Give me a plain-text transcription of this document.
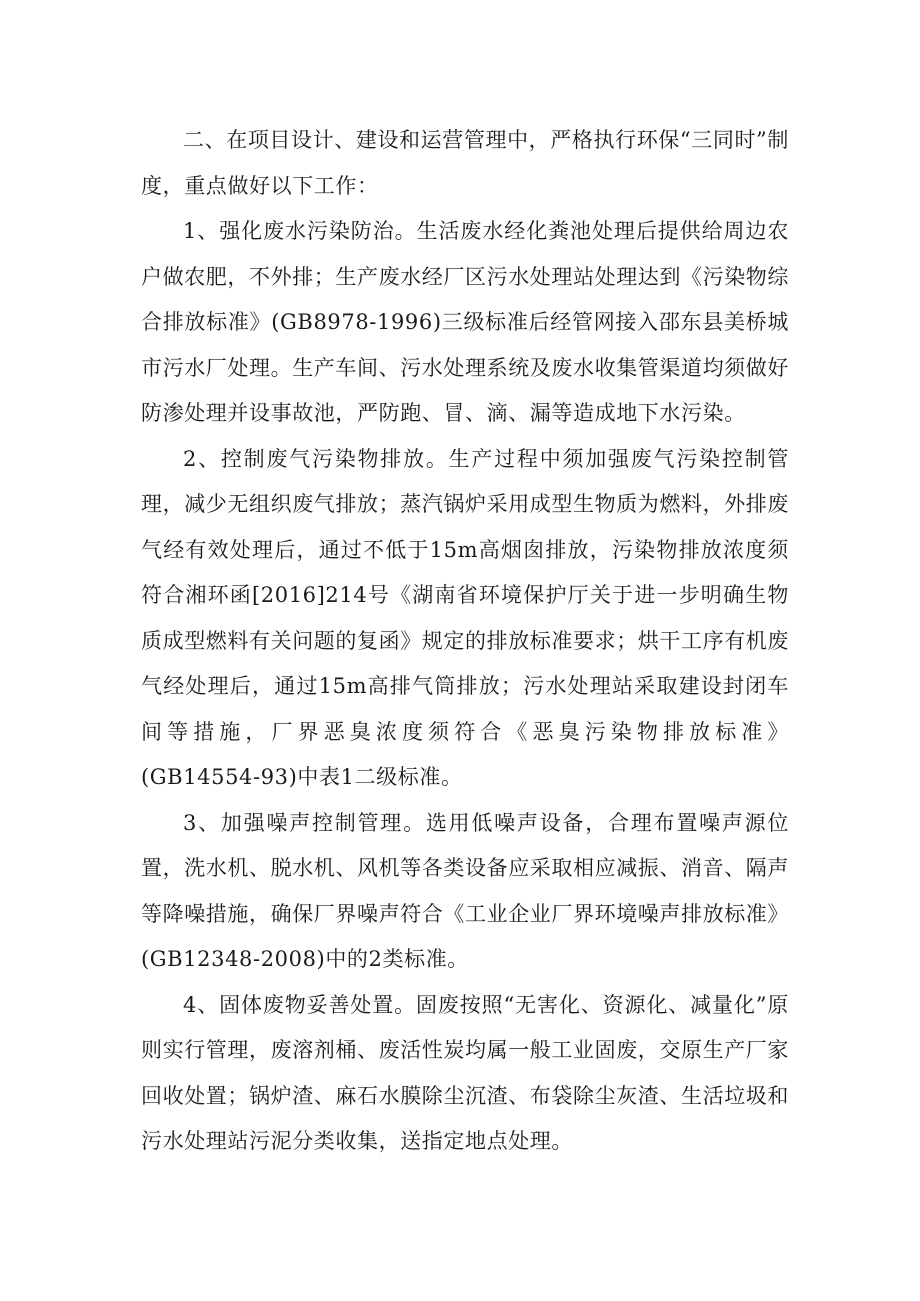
二、在项目设计、建设和运营管理中，严格执行环保“三同时”制度，重点做好以下工作：

1、强化废水污染防治。生活废水经化粪池处理后提供给周边农户做农肥，不外排；生产废水经厂区污水处理站处理达到《污染物综合排放标准》(GB8978-1996)三级标准后经管网接入邵东县美桥城市污水厂处理。生产车间、污水处理系统及废水收集管渠道均须做好防渗处理并设事故池，严防跑、冒、滴、漏等造成地下水污染。

2、控制废气污染物排放。生产过程中须加强废气污染控制管理，减少无组织废气排放；蒸汽锅炉采用成型生物质为燃料，外排废气经有效处理后，通过不低于15m高烟囱排放，污染物排放浓度须符合湘环函[2016]214号《湖南省环境保护厅关于进一步明确生物质成型燃料有关问题的复函》规定的排放标准要求；烘干工序有机废气经处理后，通过15m高排气筒排放；污水处理站采取建设封闭车间等措施，厂界恶臭浓度须符合《恶臭污染物排放标准》(GB14554-93)中表1二级标准。

3、加强噪声控制管理。选用低噪声设备，合理布置噪声源位置，洗水机、脱水机、风机等各类设备应采取相应减振、消音、隔声等降噪措施，确保厂界噪声符合《工业企业厂界环境噪声排放标准》(GB12348-2008)中的2类标准。

4、固体废物妥善处置。固废按照“无害化、资源化、减量化”原则实行管理，废溶剂桶、废活性炭均属一般工业固废，交原生产厂家回收处置；锅炉渣、麻石水膜除尘沉渣、布袋除尘灰渣、生活垃圾和污水处理站污泥分类收集，送指定地点处理。
